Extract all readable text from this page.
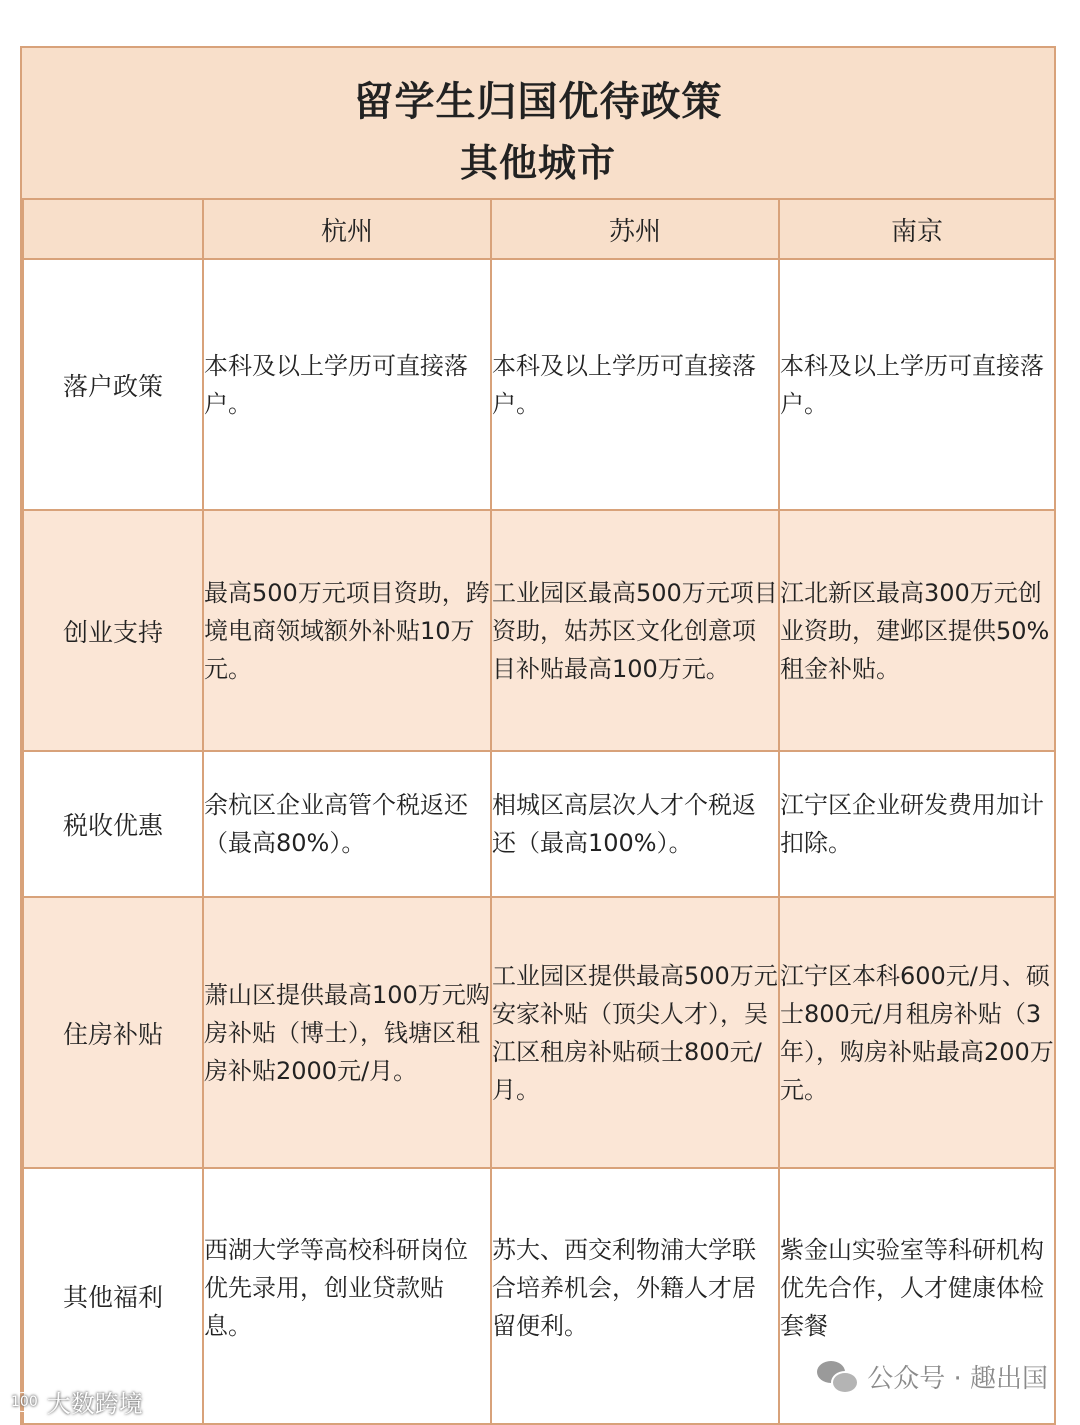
留学生归国优待政策
其他城市
	杭州	苏州	南京
落户政策	本科及以上学历可直接落户。	本科及以上学历可直接落户。	本科及以上学历可直接落户。
创业支持	最高500万元项目资助，跨境电商领域额外补贴10万元。	工业园区最高500万元项目资助，姑苏区文化创意项目补贴最高100万元。	江北新区最高300万元创业资助，建邺区提供50%租金补贴。
税收优惠	余杭区企业高管个税返还（最高80%）。	相城区高层次人才个税返还（最高100%）。	江宁区企业研发费用加计扣除。
住房补贴	萧山区提供最高100万元购房补贴（博士），钱塘区租房补贴2000元/月。	工业园区提供最高500万元安家补贴（顶尖人才），吴江区租房补贴硕士800元/月。	江宁区本科600元/月、硕士800元/月租房补贴（3年），购房补贴最高200万元。
其他福利	西湖大学等高校科研岗位优先录用，创业贷款贴息。	苏大、西交利物浦大学联合培养机会，外籍人才居留便利。	紫金山实验室等科研机构优先合作，人才健康体检套餐
公众号 · 趣出国
100 大数跨境
